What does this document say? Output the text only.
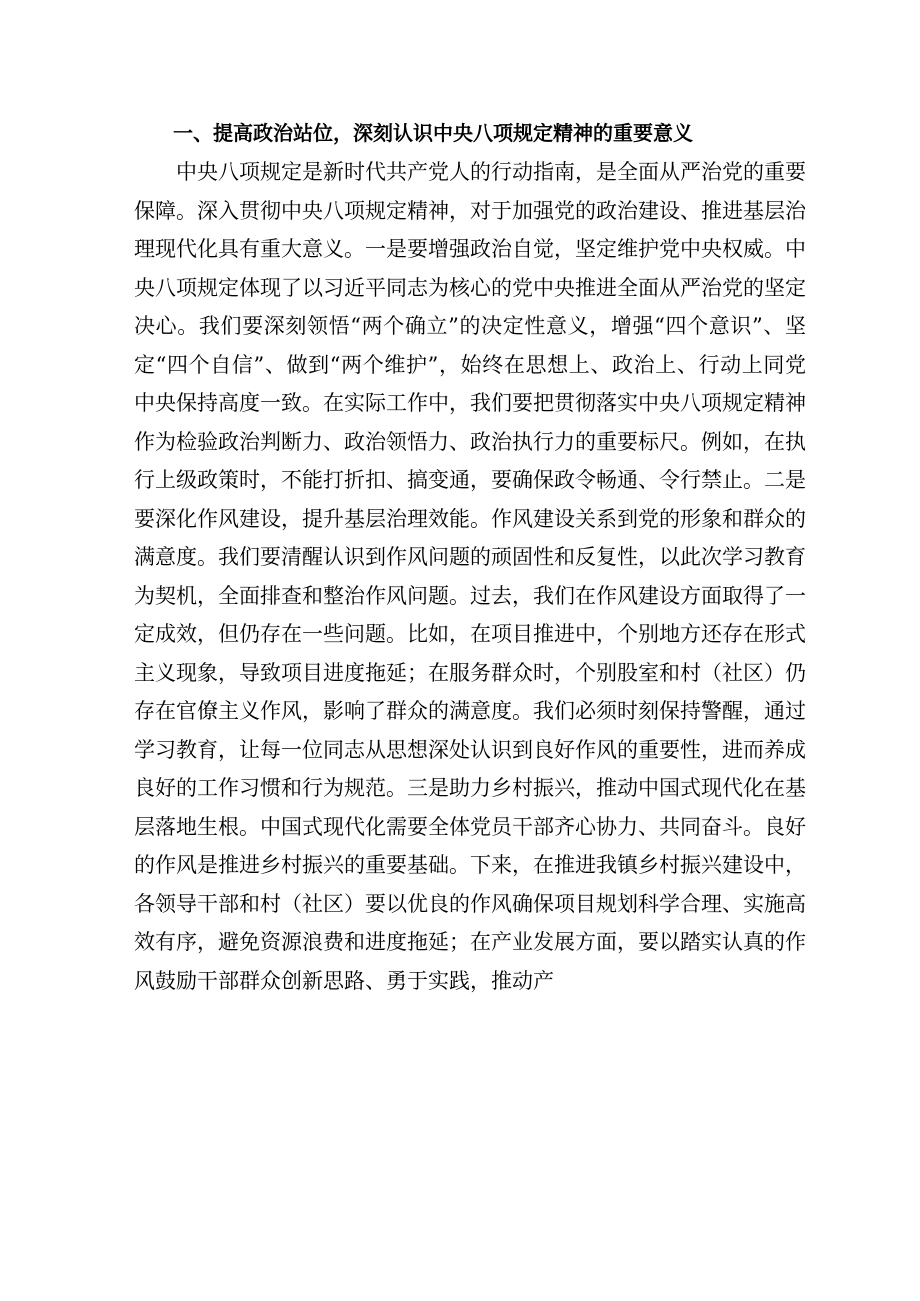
一、提高政治站位，深刻认识中央八项规定精神的重要意义

中央八项规定是新时代共产党人的行动指南，是全面从严治党的重要保障。深入贯彻中央八项规定精神，对于加强党的政治建设、推进基层治理现代化具有重大意义。一是要增强政治自觉，坚定维护党中央权威。中央八项规定体现了以习近平同志为核心的党中央推进全面从严治党的坚定决心。我们要深刻领悟“两个确立”的决定性意义，增强“四个意识”、坚定“四个自信”、做到“两个维护”，始终在思想上、政治上、行动上同党中央保持高度一致。在实际工作中，我们要把贯彻落实中央八项规定精神作为检验政治判断力、政治领悟力、政治执行力的重要标尺。例如，在执行上级政策时，不能打折扣、搞变通，要确保政令畅通、令行禁止。二是要深化作风建设，提升基层治理效能。作风建设关系到党的形象和群众的满意度。我们要清醒认识到作风问题的顽固性和反复性，以此次学习教育为契机，全面排查和整治作风问题。过去，我们在作风建设方面取得了一定成效，但仍存在一些问题。比如，在项目推进中，个别地方还存在形式主义现象，导致项目进度拖延；在服务群众时，个别股室和村（社区）仍存在官僚主义作风，影响了群众的满意度。我们必须时刻保持警醒，通过学习教育，让每一位同志从思想深处认识到良好作风的重要性，进而养成良好的工作习惯和行为规范。三是助力乡村振兴，推动中国式现代化在基层落地生根。中国式现代化需要全体党员干部齐心协力、共同奋斗。良好的作风是推进乡村振兴的重要基础。下来，在推进我镇乡村振兴建设中，各领导干部和村（社区）要以优良的作风确保项目规划科学合理、实施高效有序，避免资源浪费和进度拖延；在产业发展方面，要以踏实认真的作风鼓励干部群众创新思路、勇于实践，推动产
